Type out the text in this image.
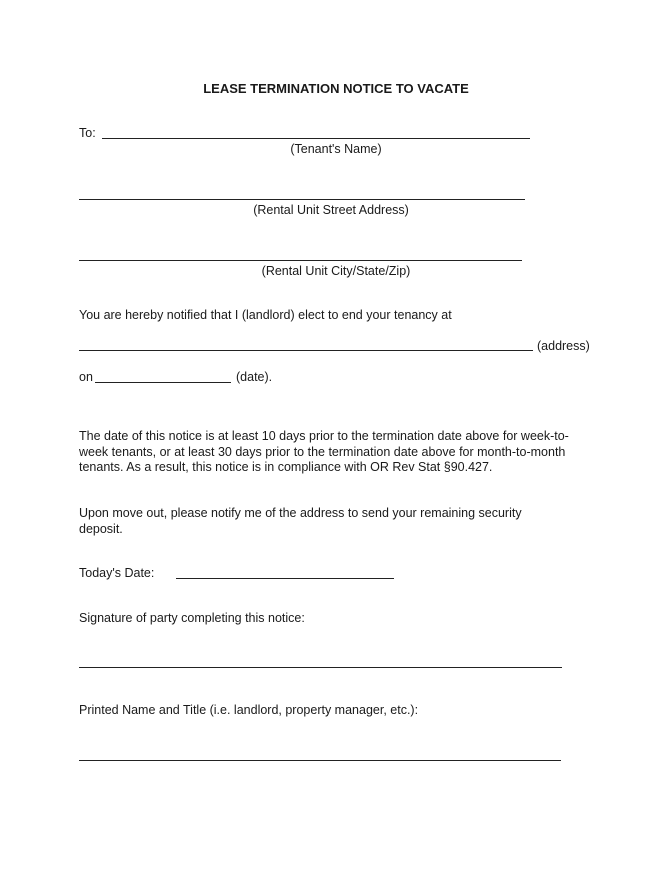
LEASE TERMINATION NOTICE TO VACATE
To:
(Tenant's Name)
(Rental Unit Street Address)
(Rental Unit City/State/Zip)
You are hereby notified that I (landlord) elect to end your tenancy at
(address)
on	(date).
The date of this notice is at least 10 days prior to the termination date above for week-to-week tenants, or at least 30 days prior to the termination date above for month-to-month tenants. As a result, this notice is in compliance with OR Rev Stat §90.427.
Upon move out, please notify me of the address to send your remaining security deposit.
Today's Date:
Signature of party completing this notice:
Printed Name and Title (i.e. landlord, property manager, etc.):
